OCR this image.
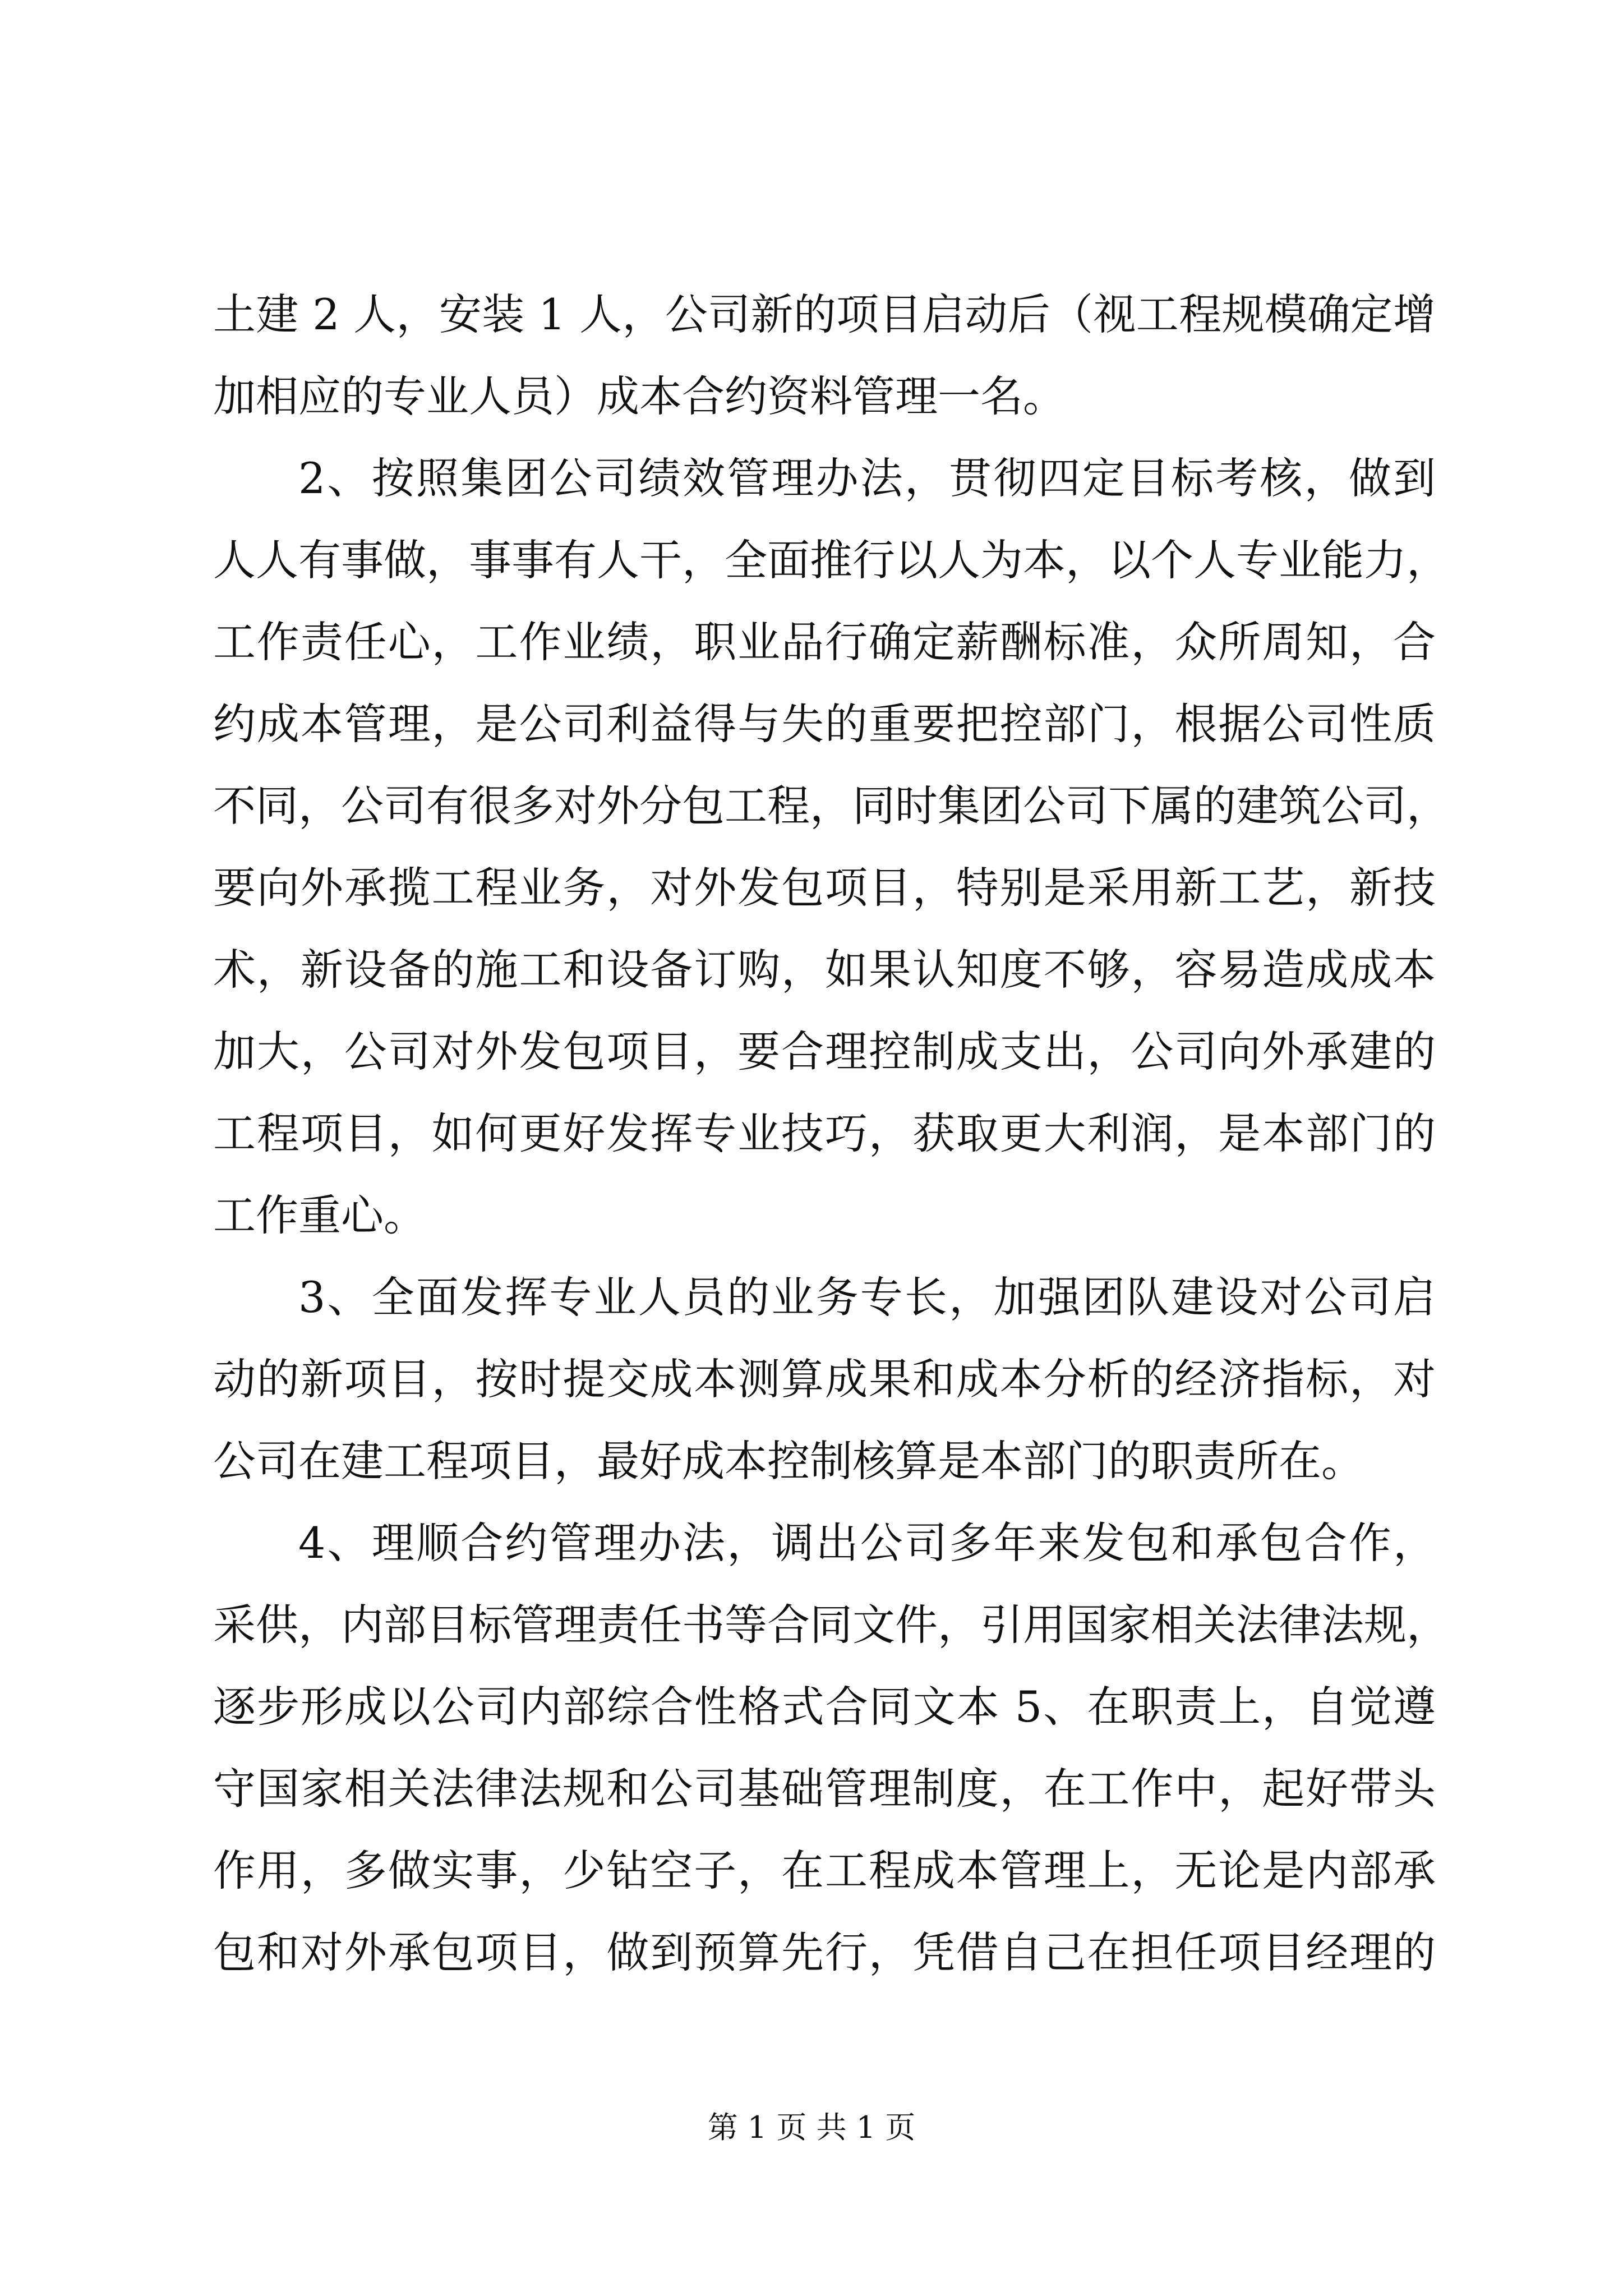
土建 2 人，安装 1 人，公司新的项目启动后（视工程规模确定增
加相应的专业人员）成本合约资料管理一名。
2、按照集团公司绩效管理办法，贯彻四定目标考核，做到
人人有事做，事事有人干，全面推行以人为本，以个人专业能力，
工作责任心，工作业绩，职业品行确定薪酬标准，众所周知，合
约成本管理，是公司利益得与失的重要把控部门，根据公司性质
不同，公司有很多对外分包工程，同时集团公司下属的建筑公司，
要向外承揽工程业务，对外发包项目，特别是采用新工艺，新技
术，新设备的施工和设备订购，如果认知度不够，容易造成成本
加大，公司对外发包项目，要合理控制成支出，公司向外承建的
工程项目，如何更好发挥专业技巧，获取更大利润，是本部门的
工作重心。
3、全面发挥专业人员的业务专长，加强团队建设对公司启
动的新项目，按时提交成本测算成果和成本分析的经济指标，对
公司在建工程项目，最好成本控制核算是本部门的职责所在。
4、理顺合约管理办法，调出公司多年来发包和承包合作，
采供，内部目标管理责任书等合同文件，引用国家相关法律法规，
逐步形成以公司内部综合性格式合同文本 5、在职责上，自觉遵
守国家相关法律法规和公司基础管理制度，在工作中，起好带头
作用，多做实事，少钻空子，在工程成本管理上，无论是内部承
包和对外承包项目，做到预算先行，凭借自己在担任项目经理的
第 1 页 共 1 页
